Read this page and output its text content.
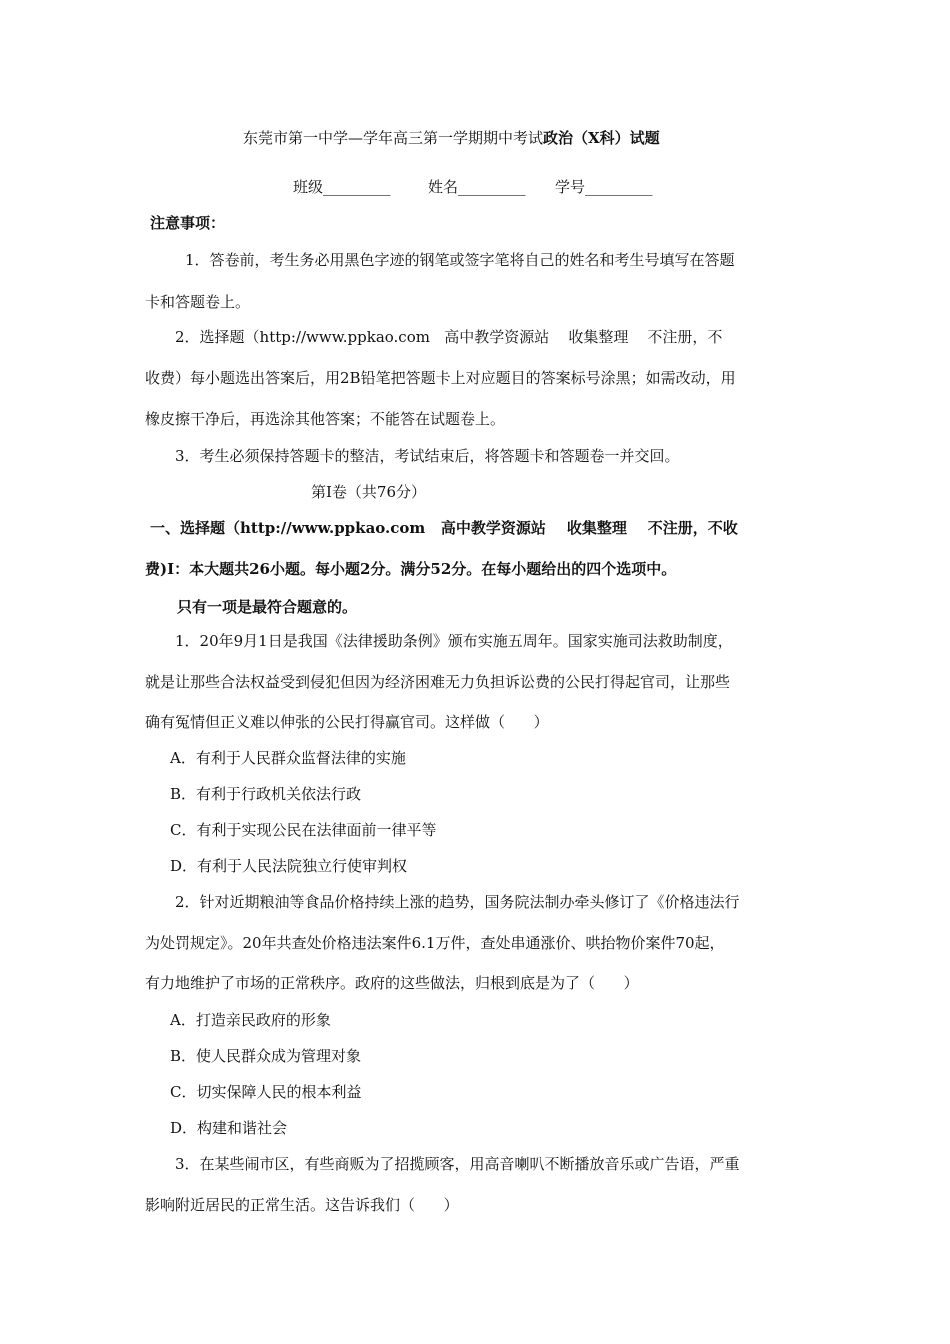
东莞市第一中学—学年高三第一学期期中考试政治（X科）试题
班级_________ 姓名_________ 学号_________
注意事项：
1．答卷前，考生务必用黑色字迹的钢笔或签字笔将自己的姓名和考生号填写在答题
卡和答题卷上。
2．选择题（http://www.ppkao.com   高中教学资源站    收集整理    不注册，不
收费）每小题选出答案后，用2B铅笔把答题卡上对应题目的答案标号涂黑；如需改动，用
橡皮擦干净后，再选涂其他答案；不能答在试题卷上。
3．考生必须保持答题卡的整洁，考试结束后，将答题卡和答题卷一并交回。
第Ⅰ卷（共76分）
一、选择题（http://www.ppkao.com   高中教学资源站    收集整理    不注册，不收
费)Ⅰ：本大题共26小题。每小题2分。满分52分。在每小题给出的四个选项中。
只有一项是最符合题意的。
1．20年9月1日是我国《法律援助条例》颁布实施五周年。国家实施司法救助制度，
就是让那些合法权益受到侵犯但因为经济困难无力负担诉讼费的公民打得起官司，让那些
确有冤情但正义难以伸张的公民打得赢官司。这样做（      ）
A．有利于人民群众监督法律的实施
B．有利于行政机关依法行政
C．有利于实现公民在法律面前一律平等
D．有利于人民法院独立行使审判权
2．针对近期粮油等食品价格持续上涨的趋势，国务院法制办牵头修订了《价格违法行
为处罚规定》。20年共查处价格违法案件6.1万件，查处串通涨价、哄抬物价案件70起，
有力地维护了市场的正常秩序。政府的这些做法，归根到底是为了（      ）
A．打造亲民政府的形象
B．使人民群众成为管理对象
C．切实保障人民的根本利益
D．构建和谐社会
3．在某些闹市区，有些商贩为了招揽顾客，用高音喇叭不断播放音乐或广告语，严重
影响附近居民的正常生活。这告诉我们（      ）
